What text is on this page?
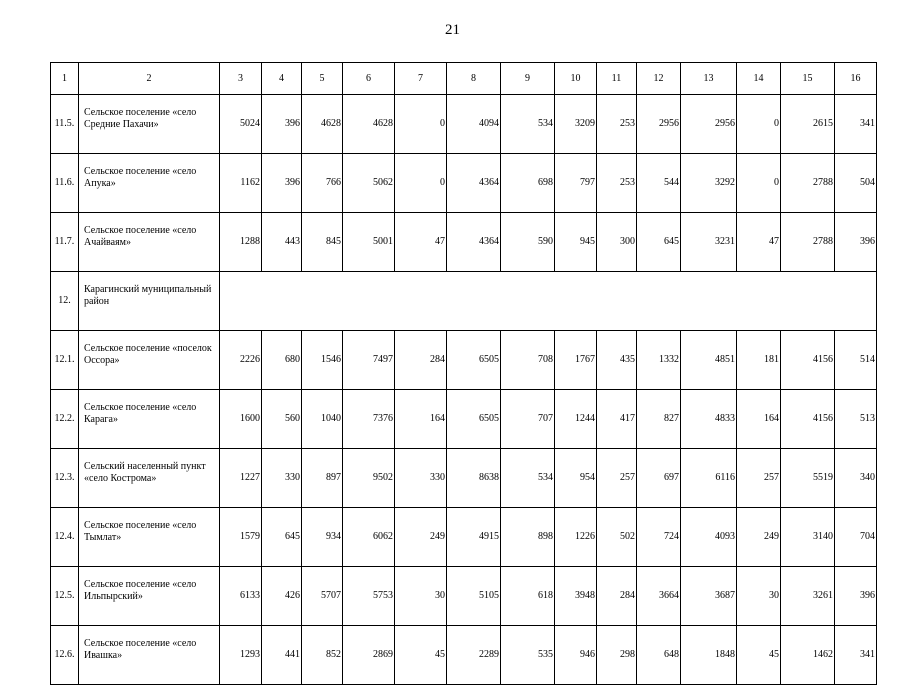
21
1	2	3	4	5	6	7	8	9	10	11	12	13	14	15	16
11.5.	Сельское поселение «село Средние Пахачи»	5024	396	4628	4628	0	4094	534	3209	253	2956	2956	0	2615	341
11.6.	Сельское поселение «село Апука»	1162	396	766	5062	0	4364	698	797	253	544	3292	0	2788	504
11.7.	Сельское поселение «село Ачайваям»	1288	443	845	5001	47	4364	590	945	300	645	3231	47	2788	396
12.	Карагинский муниципальный район														
12.1.	Сельское поселение «поселок Оссора»	2226	680	1546	7497	284	6505	708	1767	435	1332	4851	181	4156	514
12.2.	Сельское поселение «село Карага»	1600	560	1040	7376	164	6505	707	1244	417	827	4833	164	4156	513
12.3.	Сельский населенный пункт «село Кострома»	1227	330	897	9502	330	8638	534	954	257	697	6116	257	5519	340
12.4.	Сельское поселение «село Тымлат»	1579	645	934	6062	249	4915	898	1226	502	724	4093	249	3140	704
12.5.	Сельское поселение «село Ильпырский»	6133	426	5707	5753	30	5105	618	3948	284	3664	3687	30	3261	396
12.6.	Сельское поселение «село Ивашка»	1293	441	852	2869	45	2289	535	946	298	648	1848	45	1462	341
